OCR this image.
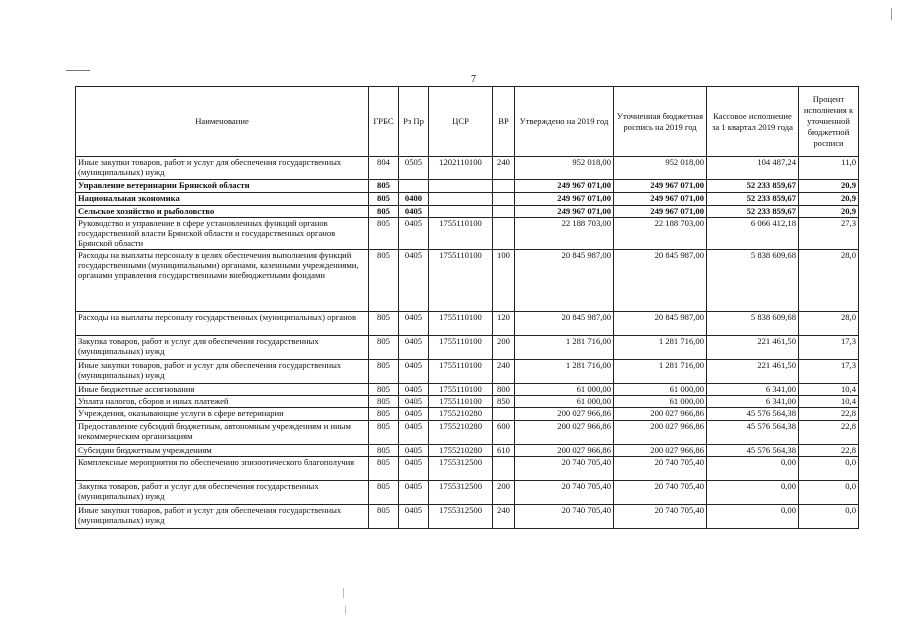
7
Наименование	ГРБС	Рз Пр	ЦСР	ВР	Утверждено на 2019 год	Уточненная бюджетная роспись на 2019 год	Кассовое исполнение за 1 квартал 2019 года	Процент исполнения к уточненной бюджетной росписи
Иные закупки товаров, работ и услуг для обеспечения государственных (муниципальных) нужд	804	0505	1202110100	240	952 018,00	952 018,00	104 487,24	11,0
Управление ветеринарии Брянской области	805				249 967 071,00	249 967 071,00	52 233 859,67	20,9
Национальная экономика	805	0400			249 967 071,00	249 967 071,00	52 233 859,67	20,9
Сельское хозяйство и рыболовство	805	0405			249 967 071,00	249 967 071,00	52 233 859,67	20,9
Руководство и управление в сфере установленных функций органов государственной власти Брянской области и государственных органов Брянской области	805	0405	1755110100		22 188 703,00	22 188 703,00	6 066 412,18	27,3
Расходы на выплаты персоналу в целях обеспечения выполнения функций государственными (муниципальными) органами, казенными учреждениями, органами управления государственными внебюджетными фондами	805	0405	1755110100	100	20 845 987,00	20 845 987,00	5 838 609,68	28,0
Расходы на выплаты персоналу государственных (муниципальных) органов	805	0405	1755110100	120	20 845 987,00	20 845 987,00	5 838 609,68	28,0
Закупка товаров, работ и услуг для обеспечения государственных (муниципальных) нужд	805	0405	1755110100	200	1 281 716,00	1 281 716,00	221 461,50	17,3
Иные закупки товаров, работ и услуг для обеспечения государственных (муниципальных) нужд	805	0405	1755110100	240	1 281 716,00	1 281 716,00	221 461,50	17,3
Иные бюджетные ассигнования	805	0405	1755110100	800	61 000,00	61 000,00	6 341,00	10,4
Уплата налогов, сборов и иных платежей	805	0405	1755110100	850	61 000,00	61 000,00	6 341,00	10,4
Учреждения, оказывающие услуги в сфере ветеринарии	805	0405	1755210280		200 027 966,86	200 027 966,86	45 576 564,38	22,8
Предоставление субсидий бюджетным, автономным учреждениям и иным некоммерческим организациям	805	0405	1755210280	600	200 027 966,86	200 027 966,86	45 576 564,38	22,8
Субсидии бюджетным учреждениям	805	0405	1755210280	610	200 027 966,86	200 027 966,86	45 576 564,38	22,8
Комплексные мероприятия по обеспечению эпизоотического благополучия	805	0405	1755312500		20 740 705,40	20 740 705,40	0,00	0,0
Закупка товаров, работ и услуг для обеспечения государственных (муниципальных) нужд	805	0405	1755312500	200	20 740 705,40	20 740 705,40	0,00	0,0
Иные закупки товаров, работ и услуг для обеспечения государственных (муниципальных) нужд	805	0405	1755312500	240	20 740 705,40	20 740 705,40	0,00	0,0
